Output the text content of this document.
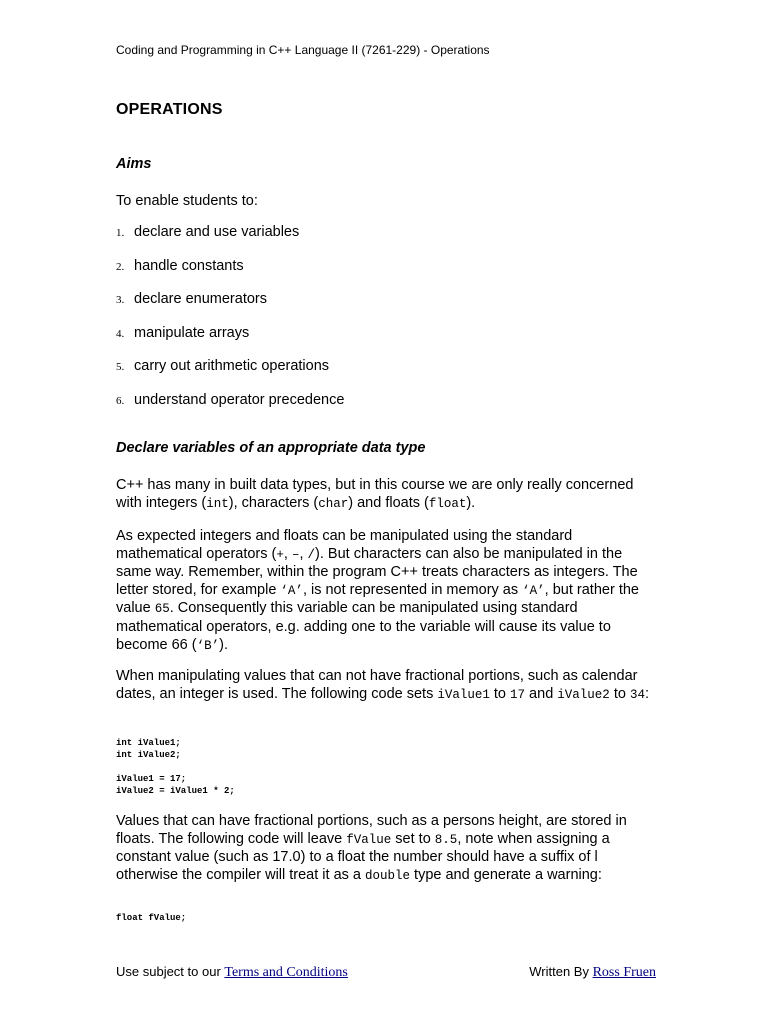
Coding and Programming in C++ Language II (7261-229) - Operations
OPERATIONS
Aims
To enable students to:
1. declare and use variables
2. handle constants
3. declare enumerators
4. manipulate arrays
5. carry out arithmetic operations
6. understand operator precedence
Declare variables of an appropriate data type

C++ has many in built data types, but in this course we are only really concerned with integers (int), characters (char) and floats (float).

As expected integers and floats can be manipulated using the standard mathematical operators (+, –, /). But characters can also be manipulated in the same way. Remember, within the program C++ treats characters as integers. The letter stored, for example ‘A’, is not represented in memory as ‘A’, but rather the value 65. Consequently this variable can be manipulated using standard mathematical operators, e.g. adding one to the variable will cause its value to become 66 (‘B’).

When manipulating values that can not have fractional portions, such as calendar dates, an integer is used. The following code sets iValue1 to 17 and iValue2 to 34:

int iValue1;
int iValue2;

iValue1 = 17;
iValue2 = iValue1 * 2;

Values that can have fractional portions, such as a persons height, are stored in floats. The following code will leave fValue set to 8.5, note when assigning a constant value (such as 17.0) to a float the number should have a suffix of l otherwise the compiler will treat it as a double type and generate a warning:

float fValue;
Use subject to our Terms and Conditions	Written By Ross Fruen
